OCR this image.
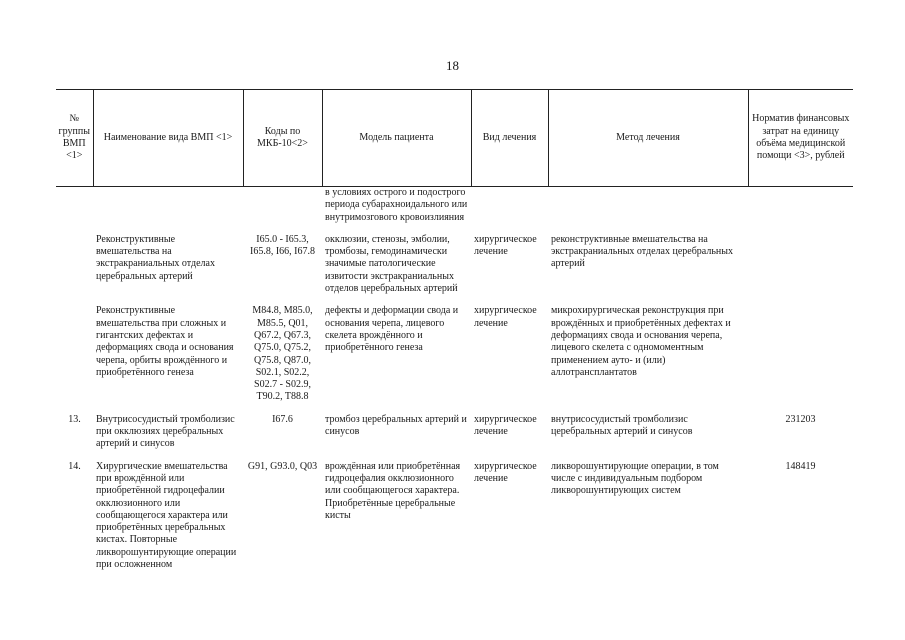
18
№ группы ВМП <1>	Наименование вида ВМП <1>	Коды по МКБ-10<2>	Модель пациента	Вид лечения	Метод лечения	Норматив финансовых затрат на единицу объёма медицинской помощи <3>, рублей
			в условиях острого и подострого периода субарахноидального или внутримозгового кровоизлияния			
	Реконструктивные вмешательства на экстракраниальных отделах церебральных артерий	I65.0 - I65.3, I65.8, I66, I67.8	окклюзии, стенозы, эмболии, тромбозы, гемодинамически значимые патологические извитости экстракраниальных отделов церебральных артерий	хирургическое лечение	реконструктивные вмешательства на экстракраниальных отделах церебральных артерий	
	Реконструктивные вмешательства при сложных и гигантских дефектах и деформациях свода и основания черепа, орбиты врождённого и приобретённого генеза	M84.8, M85.0, M85.5, Q01, Q67.2, Q67.3, Q75.0, Q75.2, Q75.8, Q87.0, S02.1, S02.2, S02.7 - S02.9, T90.2, T88.8	дефекты и деформации свода и основания черепа, лицевого скелета врождённого и приобретённого генеза	хирургическое лечение	микрохирургическая реконструкция при врождённых и приобретённых дефектах и деформациях свода и основания черепа, лицевого скелета с одномоментным применением ауто- и (или) аллотрансплантатов	
13.	Внутрисосудистый тромболизис при окклюзиях церебральных артерий и синусов	I67.6	тромбоз церебральных артерий и синусов	хирургическое лечение	внутрисосудистый тромболизис церебральных артерий и синусов	231203
14.	Хирургические вмешательства при врождённой или приобретённой гидроцефалии окклюзионного или сообщающегося характера или приобретённых церебральных кистах. Повторные ликворошунтирующие операции при осложненном	G91, G93.0, Q03	врождённая или приобретённая гидроцефалия окклюзионного или сообщающегося характера. Приобретённые церебральные кисты	хирургическое лечение	ликворошунтирующие операции, в том числе с индивидуальным подбором ликворошунтирующих систем	148419
